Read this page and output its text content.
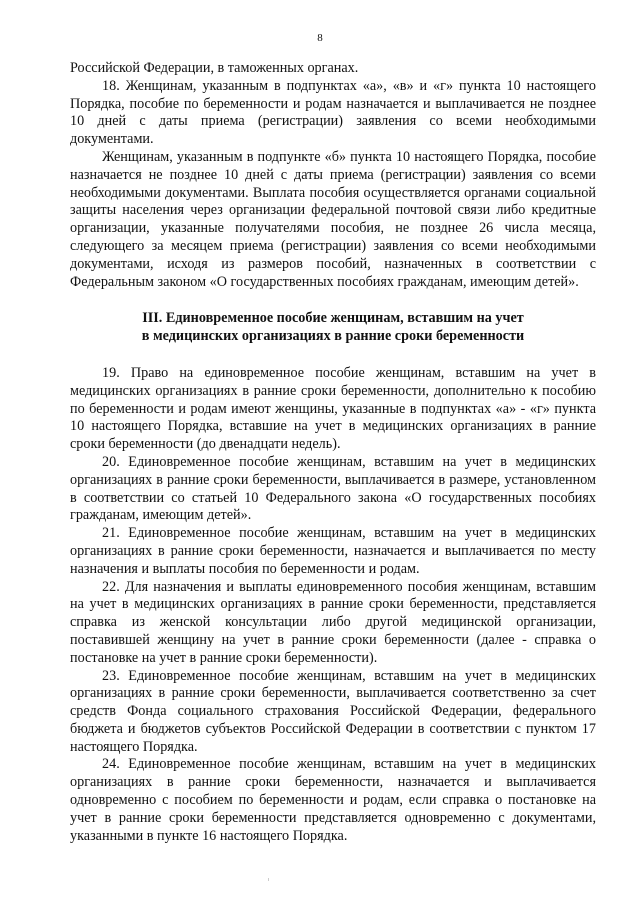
8

Российской Федерации, в таможенных органах.

18. Женщинам, указанным в подпунктах «а», «в» и «г» пункта 10 настоящего Порядка, пособие по беременности и родам назначается и выплачивается не позднее 10 дней с даты приема (регистрации) заявления со всеми необходимыми документами.

Женщинам, указанным в подпункте «б» пункта 10 настоящего Порядка, пособие назначается не позднее 10 дней с даты приема (регистрации) заявления со всеми необходимыми документами. Выплата пособия осуществляется органами социальной защиты населения через организации федеральной почтовой связи либо кредитные организации, указанные получателями пособия, не позднее 26 числа месяца, следующего за месяцем приема (регистрации) заявления со всеми необходимыми документами, исходя из размеров пособий, назначенных в соответствии с Федеральным законом «О государственных пособиях гражданам, имеющим детей».

III. Единовременное пособие женщинам, вставшим на учет
в медицинских организациях в ранние сроки беременности

19. Право на единовременное пособие женщинам, вставшим на учет в медицинских организациях в ранние сроки беременности, дополнительно к пособию по беременности и родам имеют женщины, указанные в подпунктах «а» - «г» пункта 10 настоящего Порядка, вставшие на учет в медицинских организациях в ранние сроки беременности (до двенадцати недель).

20. Единовременное пособие женщинам, вставшим на учет в медицинских организациях в ранние сроки беременности, выплачивается в размере, установленном в соответствии со статьей 10 Федерального закона «О государственных пособиях гражданам, имеющим детей».

21. Единовременное пособие женщинам, вставшим на учет в медицинских организациях в ранние сроки беременности, назначается и выплачивается по месту назначения и выплаты пособия по беременности и родам.

22. Для назначения и выплаты единовременного пособия женщинам, вставшим на учет в медицинских организациях в ранние сроки беременности, представляется справка из женской консультации либо другой медицинской организации, поставившей женщину на учет в ранние сроки беременности (далее - справка о постановке на учет в ранние сроки беременности).

23. Единовременное пособие женщинам, вставшим на учет в медицинских организациях в ранние сроки беременности, выплачивается соответственно за счет средств Фонда социального страхования Российской Федерации, федерального бюджета и бюджетов субъектов Российской Федерации в соответствии с пунктом 17 настоящего Порядка.

24. Единовременное пособие женщинам, вставшим на учет в медицинских организациях в ранние сроки беременности, назначается и выплачивается одновременно с пособием по беременности и родам, если справка о постановке на учет в ранние сроки беременности представляется одновременно с документами, указанными в пункте 16 настоящего Порядка.
